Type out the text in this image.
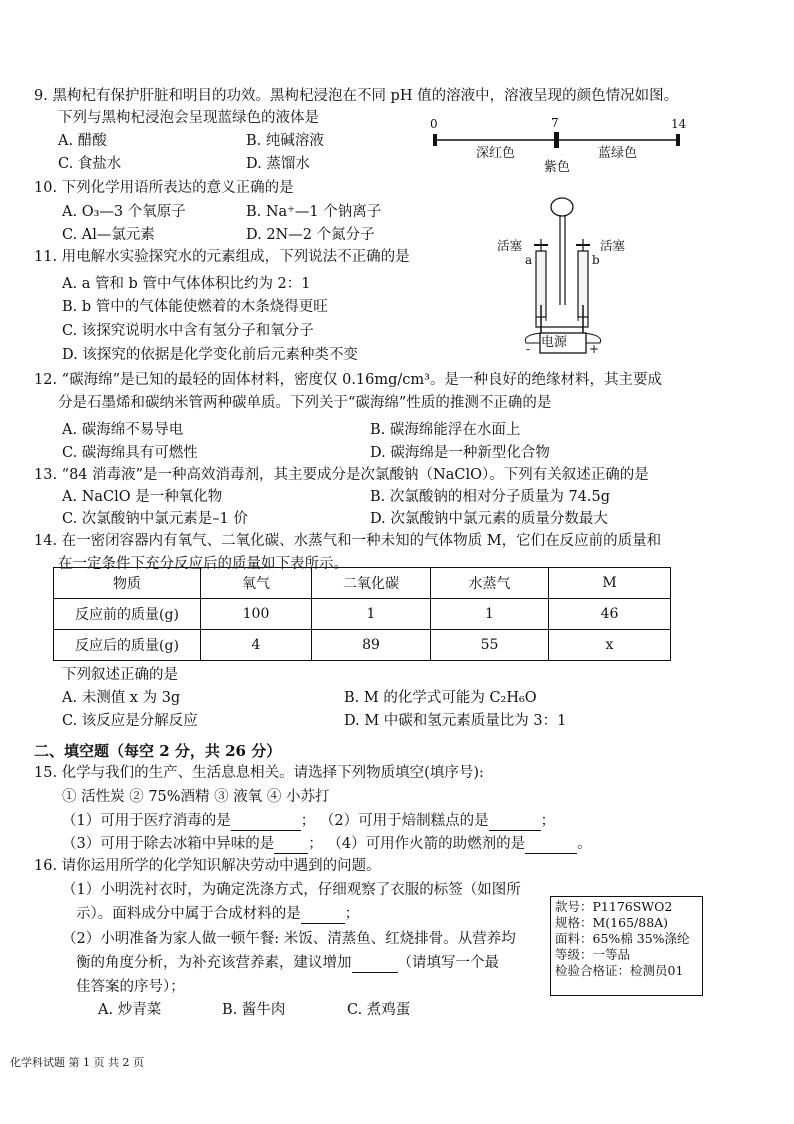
9. 黑枸杞有保护肝脏和明目的功效。黑枸杞浸泡在不同 pH 值的溶液中，溶液呈现的颜色情况如图。
下列与黑枸杞浸泡会呈现蓝绿色的液体是
A. 醋酸	B. 纯碱溶液
C. 食盐水	D. 蒸馏水
0	7	14
深红色
紫色
蓝绿色
10. 下列化学用语所表达的意义正确的是
A. O₃—3 个氧原子	B. Na⁺—1 个钠离子
C. Al—氯元素	D. 2N—2 个氮分子
11. 用电解水实验探究水的元素组成，下列说法不正确的是
A. a 管和 b 管中气体体积比约为 2：1
B. b 管中的气体能使燃着的木条烧得更旺
C. 该探究说明水中含有氢分子和氧分子
D. 该探究的依据是化学变化前后元素种类不变
活塞	活塞
a	b
电源
-	+
12. “碳海绵”是已知的最轻的固体材料，密度仅 0.16mg/cm³。是一种良好的绝缘材料，其主要成
分是石墨烯和碳纳米管两种碳单质。下列关于“碳海绵”性质的推测不正确的是
A. 碳海绵不易导电	B. 碳海绵能浮在水面上
C. 碳海绵具有可燃性	D. 碳海绵是一种新型化合物
13. “84 消毒液”是一种高效消毒剂，其主要成分是次氯酸钠（NaClO）。下列有关叙述正确的是
A. NaClO 是一种氧化物	B. 次氯酸钠的相对分子质量为 74.5g
C. 次氯酸钠中氯元素是–1 价	D. 次氯酸钠中氯元素的质量分数最大
14. 在一密闭容器内有氧气、二氧化碳、水蒸气和一种未知的气体物质 M，它们在反应前的质量和
在一定条件下充分反应后的质量如下表所示。
物质	氧气	二氧化碳	水蒸气	M
反应前的质量(g)	100	1	1	46
反应后的质量(g)	4	89	55	x
下列叙述正确的是
A. 未测值 x 为 3g	B. M 的化学式可能为 C₂H₆O
C. 该反应是分解反应	D. M 中碳和氢元素质量比为 3：1
二、填空题（每空 2 分，共 26 分）
15. 化学与我们的生产、生活息息相关。请选择下列物质填空(填序号):
① 活性炭 ② 75%酒精 ③ 液氧 ④ 小苏打
（1）可用于医疗消毒的是	； （2）可用于焙制糕点的是	；
（3）可用于除去冰箱中异味的是 ； （4）可用作火箭的助燃剂的是	。
16. 请你运用所学的化学知识解决劳动中遇到的问题。
（1）小明洗衬衣时，为确定洗涤方式，仔细观察了衣服的标签（如图所
示）。面料成分中属于合成材料的是	；
（2）小明准备为家人做一顿午餐: 米饭、清蒸鱼、红烧排骨。从营养均
衡的角度分析，为补充该营养素，建议增加	（请填写一个最
佳答案的序号）；
A. 炒青菜	B. 酱牛肉	C. 煮鸡蛋
款号：P1176SWO2
规格：M(165/88A)
面料：65%棉 35%涤纶
等级：一等品
检验合格证：检测员01
化学科试题 第 1 页 共 2 页
